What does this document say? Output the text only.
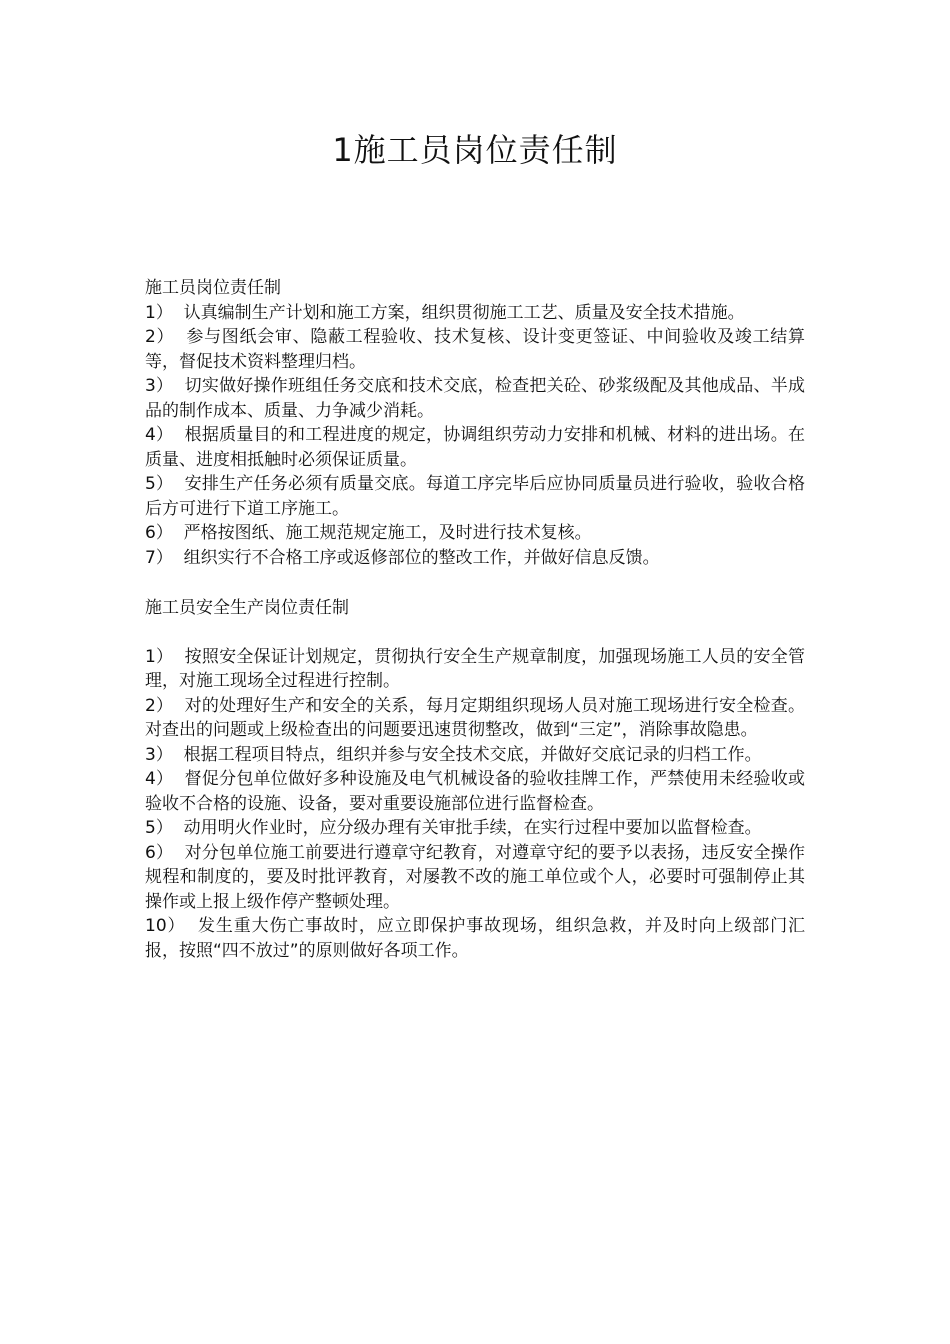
1施工员岗位责任制

施工员岗位责任制

1） 认真编制生产计划和施工方案，组织贯彻施工工艺、质量及安全技术措施。

2） 参与图纸会审、隐蔽工程验收、技术复核、设计变更签证、中间验收及竣工结算等，督促技术资料整理归档。

3） 切实做好操作班组任务交底和技术交底，检查把关砼、砂浆级配及其他成品、半成品的制作成本、质量、力争减少消耗。

4） 根据质量目的和工程进度的规定，协调组织劳动力安排和机械、材料的进出场。在质量、进度相抵触时必须保证质量。

5） 安排生产任务必须有质量交底。每道工序完毕后应协同质量员进行验收，验收合格后方可进行下道工序施工。

6） 严格按图纸、施工规范规定施工，及时进行技术复核。

7） 组织实行不合格工序或返修部位的整改工作，并做好信息反馈。

施工员安全生产岗位责任制

1） 按照安全保证计划规定，贯彻执行安全生产规章制度，加强现场施工人员的安全管理，对施工现场全过程进行控制。

2） 对的处理好生产和安全的关系，每月定期组织现场人员对施工现场进行安全检查。对查出的问题或上级检查出的问题要迅速贯彻整改，做到“三定”，消除事故隐患。

3） 根据工程项目特点，组织并参与安全技术交底，并做好交底记录的归档工作。

4） 督促分包单位做好多种设施及电气机械设备的验收挂牌工作，严禁使用未经验收或验收不合格的设施、设备，要对重要设施部位进行监督检查。

5） 动用明火作业时，应分级办理有关审批手续，在实行过程中要加以监督检查。

6） 对分包单位施工前要进行遵章守纪教育，对遵章守纪的要予以表扬，违反安全操作规程和制度的，要及时批评教育，对屡教不改的施工单位或个人，必要时可强制停止其操作或上报上级作停产整顿处理。

10） 发生重大伤亡事故时，应立即保护事故现场，组织急救，并及时向上级部门汇报，按照“四不放过”的原则做好各项工作。
